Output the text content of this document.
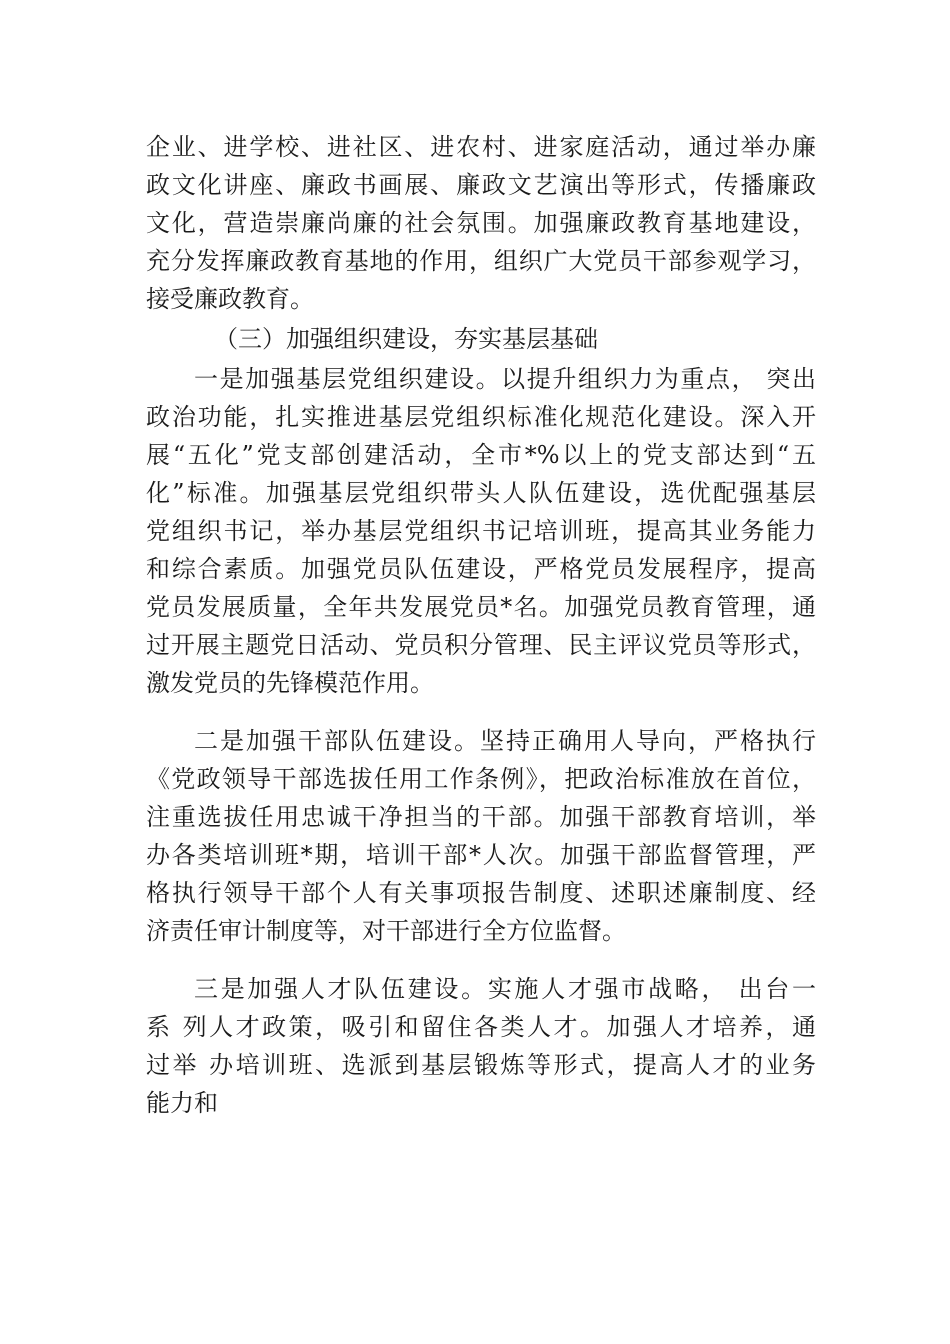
企业、进学校、进社区、进农村、进家庭活动，通过举办廉
政文化讲座、廉政书画展、廉政文艺演出等形式，传播廉政
文化，营造崇廉尚廉的社会氛围。加强廉政教育基地建设，
充分发挥廉政教育基地的作用，组织广大党员干部参观学习，
接受廉政教育。
（三）加强组织建设，夯实基层基础
一是加强基层党组织建设。以提升组织力为重点， 突出
政治功能，扎实推进基层党组织标准化规范化建设。深入开
展“五化”党支部创建活动，全市*%以上的党支部达到“五
化”标准。加强基层党组织带头人队伍建设，选优配强基层
党组织书记，举办基层党组织书记培训班，提高其业务能力
和综合素质。加强党员队伍建设，严格党员发展程序，提高
党员发展质量，全年共发展党员*名。加强党员教育管理，通
过开展主题党日活动、党员积分管理、民主评议党员等形式，
激发党员的先锋模范作用。
二是加强干部队伍建设。坚持正确用人导向，严格执行
《党政领导干部选拔任用工作条例》，把政治标准放在首位，
注重选拔任用忠诚干净担当的干部。加强干部教育培训，举
办各类培训班*期，培训干部*人次。加强干部监督管理，严
格执行领导干部个人有关事项报告制度、述职述廉制度、经
济责任审计制度等，对干部进行全方位监督。
三是加强人才队伍建设。实施人才强市战略， 出台一
系 列人才政策，吸引和留住各类人才。加强人才培养，通
过举 办培训班、选派到基层锻炼等形式，提高人才的业务
能力和
